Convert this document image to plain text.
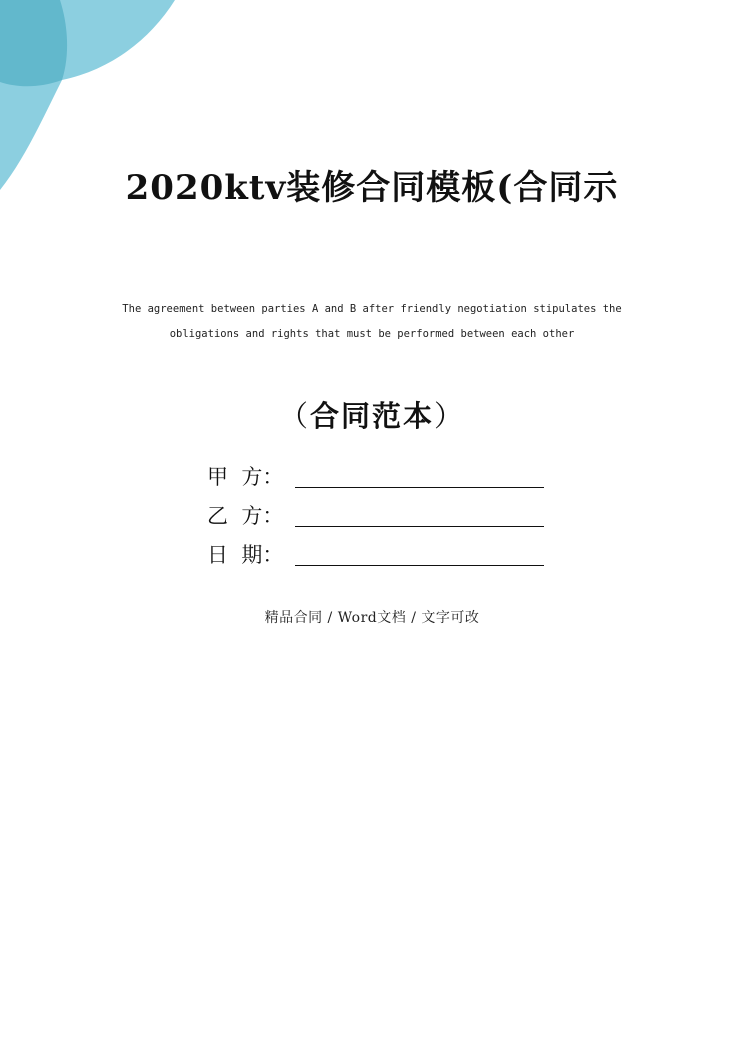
2020ktv装修合同模板(合同示
The agreement between parties A and B after friendly negotiation stipulates the
obligations and rights that must be performed between each other
（合同范本）
甲  方：
乙  方：
日  期：
精品合同 / Word文档 / 文字可改
